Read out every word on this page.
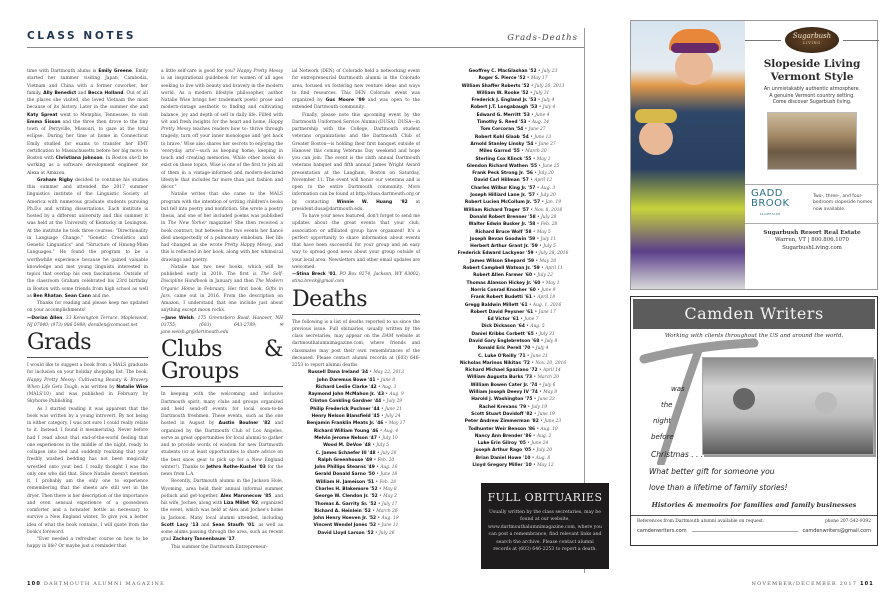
CLASS NOTES

time with Dartmouth alums is Emily Greene. Emily started her summer visiting Japan, Cambodia, Vietnam and China with a former coworker, her family, Ally Benedict and Becca Holland. Out of all the places she visited, she loved Vietnam the most because of its history. Later in the summer she and Katy Spreat went to Memphis, Tennessee, to visit Emma Sisson and the three then drove to the tiny town of Perryville, Missouri, to gaze at the total eclipse. During her time at home in Connecticut Emily studied for exams to transfer her EMT certification to Massachusetts before her big move to Boston with Christiana Johnson. In Boston she'll be working as a software development engineer for Alexa at Amazon.

Graham Rigby decided to continue his studies this summer and attended the 2017 summer linguistics institute of the Linguistic Society of America with numerous graduate students pursuing Ph.D.s and writing dissertations. Each institute is hosted by a different university and this summer it was held at the University of Kentucky in Lexington. At the institute he took three courses: "Directionality in Language Change," "Genetic Creolistics and Genetic Linguistics" and "Structure of Hmong-Mien Languages." He found the program to be a worthwhile experience because he gained valuable knowledge and met young linguists interested in topics that overlap his own fascinations. Outside of the classroom Graham celebrated his 23rd birthday in Boston with some friends from high school as well as Ben Rhatan, Sean Cann and me.

Thanks for reading and please keep me updated on your accomplishments!

—Dorian Allen, 33 Kensington Terrace, Maplewood, NJ 07040; (973) 986-5988; dorallen@comcast.net

Grads

I would like to suggest a book from a MALS graduate for inclusion on your holiday shopping list. The book, Happy Pretty Messy: Cultivating Beauty & Bravery When Life Gets Tough, was written by Natalie Wise (MALS'10) and was published in February by Skyhorse Publishing.

As I started reading it was apparent that the book was written by a young introvert. By not being in either category, I was not sure I could really relate to it. Instead, I found it mesmerizing. Never before had I read about that end-of-the-world feeling that one experiences in the middle of the night, ready to collapse into bed and suddenly realizing that your freshly washed bedding has not been magically wrestled onto your bed. I really thought I was the only one who did that. Since Natalie doesn't mention it, I probably am the only one to experience remembering that the sheets are still wet in the dryer. Then there is her description of the importance and even sensual experience of a goosedown comforter and a hotwater bottle as necessary to survive a New England winter. To give you a better idea of what the book contains, I will quote from the book's foreword.

"Ever needed a refresher course on how to be happy in life? Or maybe just a reminder that

a little self-care is good for you? Happy Pretty Messy is an inspirational guidebook for women of all ages seeking to live with beauty and bravery in the modern world. As a modern lifestyle philosopher, author Natalie Wise brings her trademark poetic prose and modern-vintage aesthetic to finding and cultivating balance, joy and depth of self in daily life. Filled with wit and fresh insights for the heart and home, Happy Pretty Messy teaches readers how to: thrive through tragedy, turn off your inner monologue and 'get back to brave.' Wise also shares her secrets to enjoying the 'everyday arts'—such as keeping home, keeping in touch and creating memories. While other books do exist on these topics, Wise is one of the first to join all of them in a vintage-informed and modern-declared lifestyle that includes far more than just fashion and décor."

Natalie writes that she came to the MALS program with the intention of writing children's books but fell into poetry and nonfiction. She wrote a poetry thesis, and one of her included poems was published in The New Yorker magazine! She then received a book contract, but between the two events her fiancé died unexpectedly of a pulmonary embolism. Her life had changed as she wrote Pretty Happy Messy, and this is reflected in her book, along with her whimsical drawings and poetry.

Natalie has two new books, which will be published early in 2018. The first is The Self-Discipline Handbook in January and then The Modern Organic Home in February. Her first book, Gifts in Jars, came out in 2016. From the description on Amazon, I understand that one include just about anything except moon rocks.

—Jane Welsh, 175 Greensboro Road, Hanover, NH 03755; (603) 643-2789; ✉ jane.welsh.gr@dartmouth.edu

Clubs & Groups

In keeping with the welcoming and inclusive Dartmouth spirit, many clubs and groups organized and held send-off events for local soon-to-be Dartmouth freshmen. These events, such as the one hosted in August by Austin Boulner '82 and organized by the Dartmouth Club of Los Angeles, serve as great opportunities for local alumni to gather and to provide words of wisdom for new Dartmouth students (or at least opportunities to share advice on the best snow gear to pick up for a New England winter!). Thanks to Jethro Rothe-Kushel '03 for the news from L.A.

Recently, Dartmouth alumni in the Jackson Hole, Wyoming, area held their annual informal summer potluck and get-together. Alex Maronecow '85, and his wife, Jochee, along with Liza Millet '92, organized the event, which was held at Alex and Jochee's home in Jackson. Many local alumni attended, including Scott Lacy '13 and Sean Staufh '01, as well as some alums passing through the area, such as recent grad Zachary Tannenbaum '17.

This summer the Dartmouth Entrepreneur-

ial Network (DEN) of Colorado held a networking event for entrepreneurial Dartmouth alumni in the Colorado area, focused on fostering new venture ideas and ways to find resources. This DEN Colorado event was organized by Gus Moore '99 and was open to the extended Dartmouth community.

Finally, please note this upcoming event by the Dartmouth Uniformed Service Alumni (DUSA). DUSA—in partnership with the College, Dartmouth student veterans organizations and the Dartmouth Club of Greater Boston—is holding their first banquet outside of Hanover this coming Veterans Day weekend and hope you can join. The event is the sixth annual Dartmouth veterans banquet and fifth annual James Wright Award presentation at the Langham, Boston on Saturday, November 11. The event will honor our veterans and is open to the entire Dartmouth community. More information can be found at http://dusa.dartmouth.org or by contacting Winnie W. Huang '92 at president.dusa@dartmouth.edu.

To have your news featured, don't forget to send me updates about the great events that your club, association or affiliated group have organized! It's a perfect opportunity to share information about events that have been successful for your group and an easy way to spread good news about your group outside of your local area. Newsletters and other email updates are welcomed.

—Stina Breck '01, PO Box 9274, Jackson, WY 83002; stina.breck@gmail.com

Deaths

The following is a list of deaths reported to us since the previous issue. Full obituaries, usually written by the class secretaries, may appear on the DAM website at dartmouthalumnimagazine.com, where friends and classmates may post their own remembrances of the deceased. Please contact alumni records at (603) 646-2253 to report alumni deaths.

Russell Dana Ireland '34 • May 22, 2013
John Daremus Bowe '41 • June 8
Richard Leslie Clarke '42 • Aug. 3
Raymond John McMahon Jr. '43 • Aug. 9
Clinton Conkling Gardner '44 • July 29
Philip Frederick Puchner '44 • June 21
Henry Nelson Blansfield '45 • July 24
Benjamin Franklin Meats Jr. '46 • May 17
Richard William Young '46 • Aug. 4
Melvin Jerome Nelson '47 • July 10
Wood M. DeVoe '48 • July 5
C. James Schaefer III '48 • July 20
Ralph Greenhouse '49 • Feb. 20
John Phillips Stearns '49 • Aug. 16
Gerald Donald Sarno '50 • June 18
William H. Jameison '51 • Feb. 28
Charles H. Blakemore '52 • May 8
George W. Clendon Jr. '52 • May 2
Thomas A. Garrity Sr. '52 • July 17
Richard A. Heinlein '52 • March 26
John Henry Hoeven Jr. '52 • Aug. 19
Vincent Wendel Jones '52 • June 11
David Lloyd Larson '52 • July 26
100 DARTMOUTH ALUMNI MAGAZINE
Grads-Deaths
Geoffrey C. MacGlashan '52 • July 23
Roger S. Pierce '52 • May 17
William Shaffer Roberts '52 • July 26, 2013
William W. Rooke '52 • July 31
Frederick J. England Jr. '53 • July 4
Robert J.T. Longabaugh '53 • July 4
Edward G. Merritt '53 • June 4
Timothy S. Reed '53 • Aug. 24
Tom Corcoran '54 • June 27
Robert Kohl Glaab '54 • June 13
Arnold Stanley Linsky '54 • June 27
Miles Garrod '55 • March 20
Sterling Cox Klinck '55 • May 1
Glendon Richard Wathen '55 • June 25
Frank Peck Strong Jr. '56 • July 20
David Carl Hillman '57 • April 12
Charles Wilbur King Jr. '57 • Aug. 3
Joseph Hilliard Lane Jr. '57 • July 20
Robert Lucien McCollum Jr. '57 • Jan. 19
William Richard Trager '57 • Nov. 8, 2016
Donald Robert Brenner '58 • July 28
Walter Edwin Busker Jr. '58 • Feb. 28
Richard Bruce Wolf '58 • May 5
Joseph Bevan Goodwin '59 • July 11
Herbert Arthur Grant Jr. '59 • July 5
Frederick Edward Lackyear '59 • July 28, 2016
James Wilson Shepard '59 • May 28
Robert Campbell Watson Jr. '59 • April 11
Robert Allen Farmer '60 • July 22
Thomas Alanson Hickey Jr. '60 • May 1
Norris Conrad Knosher '60 • June 9
Frank Robert Budetti '61 • April 18
Gregg Baldwin Millett '61 • Aug. 1, 2016
Robert David Peysner '61 • June 17
Ed Victor '61 • June 7
Dick Dickason '64 • Aug. 5
Daniel Kribbs Corbett '65 • July 31
David Gary Englebretson '68 • July 8
Ronald Eric Perell '70 • July 4
C. Luke O'Reilly '71 • June 21
Nicholas Marinos Nikitas '72 • Nov. 20, 2016
Richard Michael Spaziano '72 • April 14
William Augusta Burks '73 • March 20
William Bowen Cater Jr. '74 • July 6
William Joseph Deevy IV '74 • May 8
Harold J. Washington '75 • June 23
Rachel Krevans '79 • July 19
Scott Stuart Davidoff '82 • June 19
Peter Andrew Zimmerman '82 • June 23
Todhunter Weir Benson '86 • Aug. 10
Nancy Ann Brender '86 • Aug. 2
Luke Erin Gilroy '05 • June 24
Joseph Arthur Rago '05 • July 20
Brian Daniel Howe '10 • Aug. 8
Lloyd Gregory Miller '10 • May 12
FULL OBITUARIES
Usually written by the class secretaries, may be found at our website, www.dartmouthalumnimagazine.com, where you can post a remembrance, find relevant links and search the archive. Please contact alumni records at (603) 646-2253 to report a death.
Sugarbush
LIVING
Slopeside Living
Vermont Style
An unmistakably authentic atmosphere.
A genuine Vermont country setting.
Come discover Sugarbush living.
GADD
BROOK
SLOPESIDE
Two-, three-, and four-bedroom slopeside homes now available.
Sugarbush Resort Real Estate
Warren, VT | 800.806.1070
SugarbushLiving.com
Camden Writers
Working with clients throughout the US and around the world.
was
the
night
before
Christmas . . .
What better gift for someone you
love than a lifetime of family stories!
Histories & memoirs for families and family businesses
References from Dartmouth alumni available on request.	phone 207-542-9392
camdenwriters.com	camdenwriters@gmail.com
NOVEMBER/DECEMBER 2017 101
